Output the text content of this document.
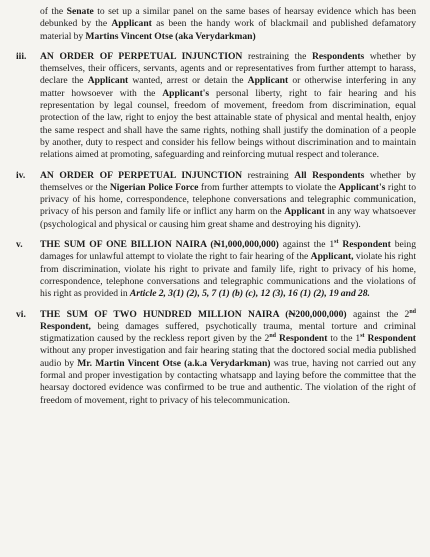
of the Senate to set up a similar panel on the same bases of hearsay evidence which has been debunked by the Applicant as been the handy work of blackmail and published defamatory material by Martins Vincent Otse (aka Verydarkman)
iii. AN ORDER OF PERPETUAL INJUNCTION restraining the Respondents whether by themselves, their officers, servants, agents and or representatives from further attempt to harass, declare the Applicant wanted, arrest or detain the Applicant or otherwise interfering in any matter howsoever with the Applicant's personal liberty, right to fair hearing and his representation by legal counsel, freedom of movement, freedom from discrimination, equal protection of the law, right to enjoy the best attainable state of physical and mental health, enjoy the same respect and shall have the same rights, nothing shall justify the domination of a people by another, duty to respect and consider his fellow beings without discrimination and to maintain relations aimed at promoting, safeguarding and reinforcing mutual respect and tolerance.
iv. AN ORDER OF PERPETUAL INJUNCTION restraining All Respondents whether by themselves or the Nigerian Police Force from further attempts to violate the Applicant's right to privacy of his home, correspondence, telephone conversations and telegraphic communication, privacy of his person and family life or inflict any harm on the Applicant in any way whatsoever (psychological and physical or causing him great shame and destroying his dignity).
v. THE SUM OF ONE BILLION NAIRA (₦1,000,000,000) against the 1st Respondent being damages for unlawful attempt to violate the right to fair hearing of the Applicant, violate his right from discrimination, violate his right to private and family life, right to privacy of his home, correspondence, telephone conversations and telegraphic communications and the violations of his right as provided in Article 2, 3(1) (2), 5, 7 (1) (b) (c), 12 (3), 16 (1) (2), 19 and 28.
vi. THE SUM OF TWO HUNDRED MILLION NAIRA (₦200,000,000) against the 2nd Respondent, being damages suffered, psychotically trauma, mental torture and criminal stigmatization caused by the reckless report given by the 2nd Respondent to the 1st Respondent without any proper investigation and fair hearing stating that the doctored social media published audio by Mr. Martin Vincent Otse (a.k.a Verydarkman) was true, having not carried out any formal and proper investigation by contacting whatsapp and laying before the committee that the hearsay doctored evidence was confirmed to be true and authentic. The violation of the right of freedom of movement, right to privacy of his telecommunication.
